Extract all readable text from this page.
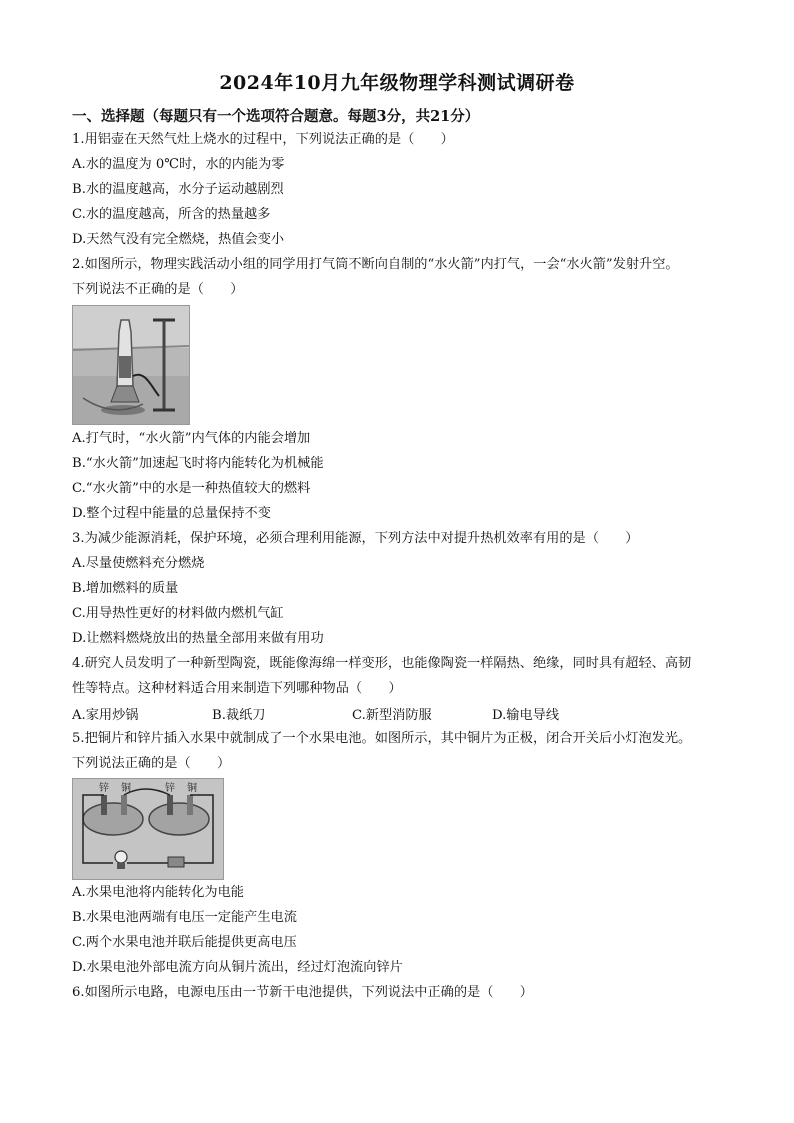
2024年10月九年级物理学科测试调研卷
一、选择题（每题只有一个选项符合题意。每题3分，共21分）
1.用铝壶在天然气灶上烧水的过程中，下列说法正确的是（　　）
A.水的温度为 0℃时，水的内能为零
B.水的温度越高，水分子运动越剧烈
C.水的温度越高，所含的热量越多
D.天然气没有完全燃烧，热值会变小
2.如图所示，物理实践活动小组的同学用打气筒不断向自制的“水火箭”内打气，一会“水火箭”发射升空。
下列说法不正确的是（　　）
A.打气时，“水火箭”内气体的内能会增加
B.“水火箭”加速起飞时将内能转化为机械能
C.“水火箭”中的水是一种热值较大的燃料
D.整个过程中能量的总量保持不变
3.为减少能源消耗，保护环境，必须合理利用能源，下列方法中对提升热机效率有用的是（　　）
A.尽量使燃料充分燃烧
B.增加燃料的质量
C.用导热性更好的材料做内燃机气缸
D.让燃料燃烧放出的热量全部用来做有用功
4.研究人员发明了一种新型陶瓷，既能像海绵一样变形，也能像陶瓷一样隔热、绝缘，同时具有超轻、高韧
性等特点。这种材料适合用来制造下列哪种物品（　　）
A.家用炒锅	B.裁纸刀	C.新型消防服	D.输电导线
5.把铜片和锌片插入水果中就制成了一个水果电池。如图所示，其中铜片为正极，闭合开关后小灯泡发光。
下列说法正确的是（　　）
锌 铜	锌 铜
A.水果电池将内能转化为电能
B.水果电池两端有电压一定能产生电流
C.两个水果电池并联后能提供更高电压
D.水果电池外部电流方向从铜片流出，经过灯泡流向锌片
6.如图所示电路，电源电压由一节新干电池提供，下列说法中正确的是（　　）
